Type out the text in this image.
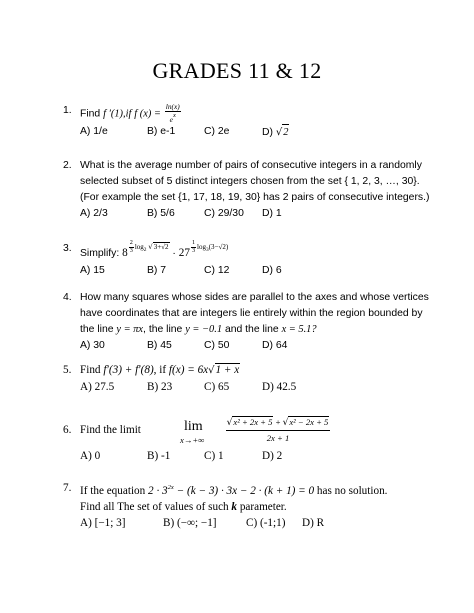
GRADES 11 & 12
1. Find f ′(1),if f $(x) = \frac{\ln(x)}{ex}$
A) 1/e	B) e-1	C) 2e	D) √2
2. What is the average number of pairs of consecutive integers in a randomly
selected subset of 5 distinct integers chosen from the set { 1, 2, 3, …, 30}.
(For example the set {1, 17, 18, 19, 30} has 2 pairs of consecutive integers.)
A) 2/3	B) 5/6	C) 29/30	D) 1
3. Simplify: $8 \frac{2}{3} \log_2 √3+√2 \cdot 27 \frac{1}{3} \log_3(3-√2)$
A) 15	B) 7	C) 12	D) 6
4. How many squares whose sides are parallel to the axes and whose vertices
have coordinates that are integers lie entirely within the region bounded by
the line y = πx, the line y = −0.1 and the line x = 5.1?
A) 30	B) 45	C) 50	D) 64
5. Find f′(3) + f′(8), if f(x) = 6x√1 + x
A) 27.5	B) 23	C) 65	D) 42.5
6. Find the limit
A) 0	B) -1	C) 1	D) 2
lim
x→+∞
√x² + 2x + 5 + √x² − 2x + 5
2x + 1
7. If the equation $2 \cdot 3^{2x} - (k - 3) \cdot 3x - 2 \cdot (k + 1) = 0$ has no solution.
Find all The set of values of such k parameter.
A) [−1; 3]	B) (−∞; −1]	C) (-1;1)	D) R
